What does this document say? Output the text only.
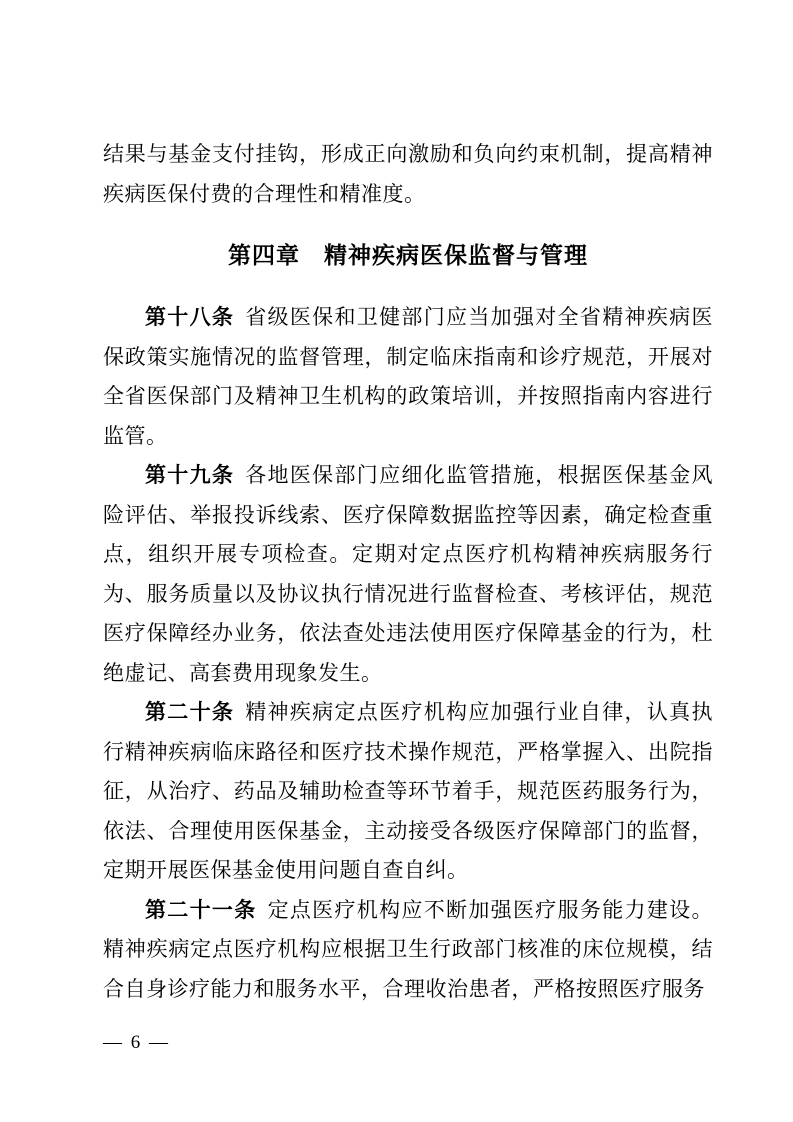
结果与基金支付挂钩，形成正向激励和负向约束机制，提高精神疾病医保付费的合理性和精准度。

第四章　精神疾病医保监督与管理

第十八条 省级医保和卫健部门应当加强对全省精神疾病医保政策实施情况的监督管理，制定临床指南和诊疗规范，开展对全省医保部门及精神卫生机构的政策培训，并按照指南内容进行监管。

第十九条 各地医保部门应细化监管措施，根据医保基金风险评估、举报投诉线索、医疗保障数据监控等因素，确定检查重点，组织开展专项检查。定期对定点医疗机构精神疾病服务行为、服务质量以及协议执行情况进行监督检查、考核评估，规范医疗保障经办业务，依法查处违法使用医疗保障基金的行为，杜绝虚记、高套费用现象发生。

第二十条 精神疾病定点医疗机构应加强行业自律，认真执行精神疾病临床路径和医疗技术操作规范，严格掌握入、出院指征，从治疗、药品及辅助检查等环节着手，规范医药服务行为，依法、合理使用医保基金，主动接受各级医疗保障部门的监督，定期开展医保基金使用问题自查自纠。

第二十一条 定点医疗机构应不断加强医疗服务能力建设。精神疾病定点医疗机构应根据卫生行政部门核准的床位规模，结合自身诊疗能力和服务水平，合理收治患者，严格按照医疗服务

— 6 —
